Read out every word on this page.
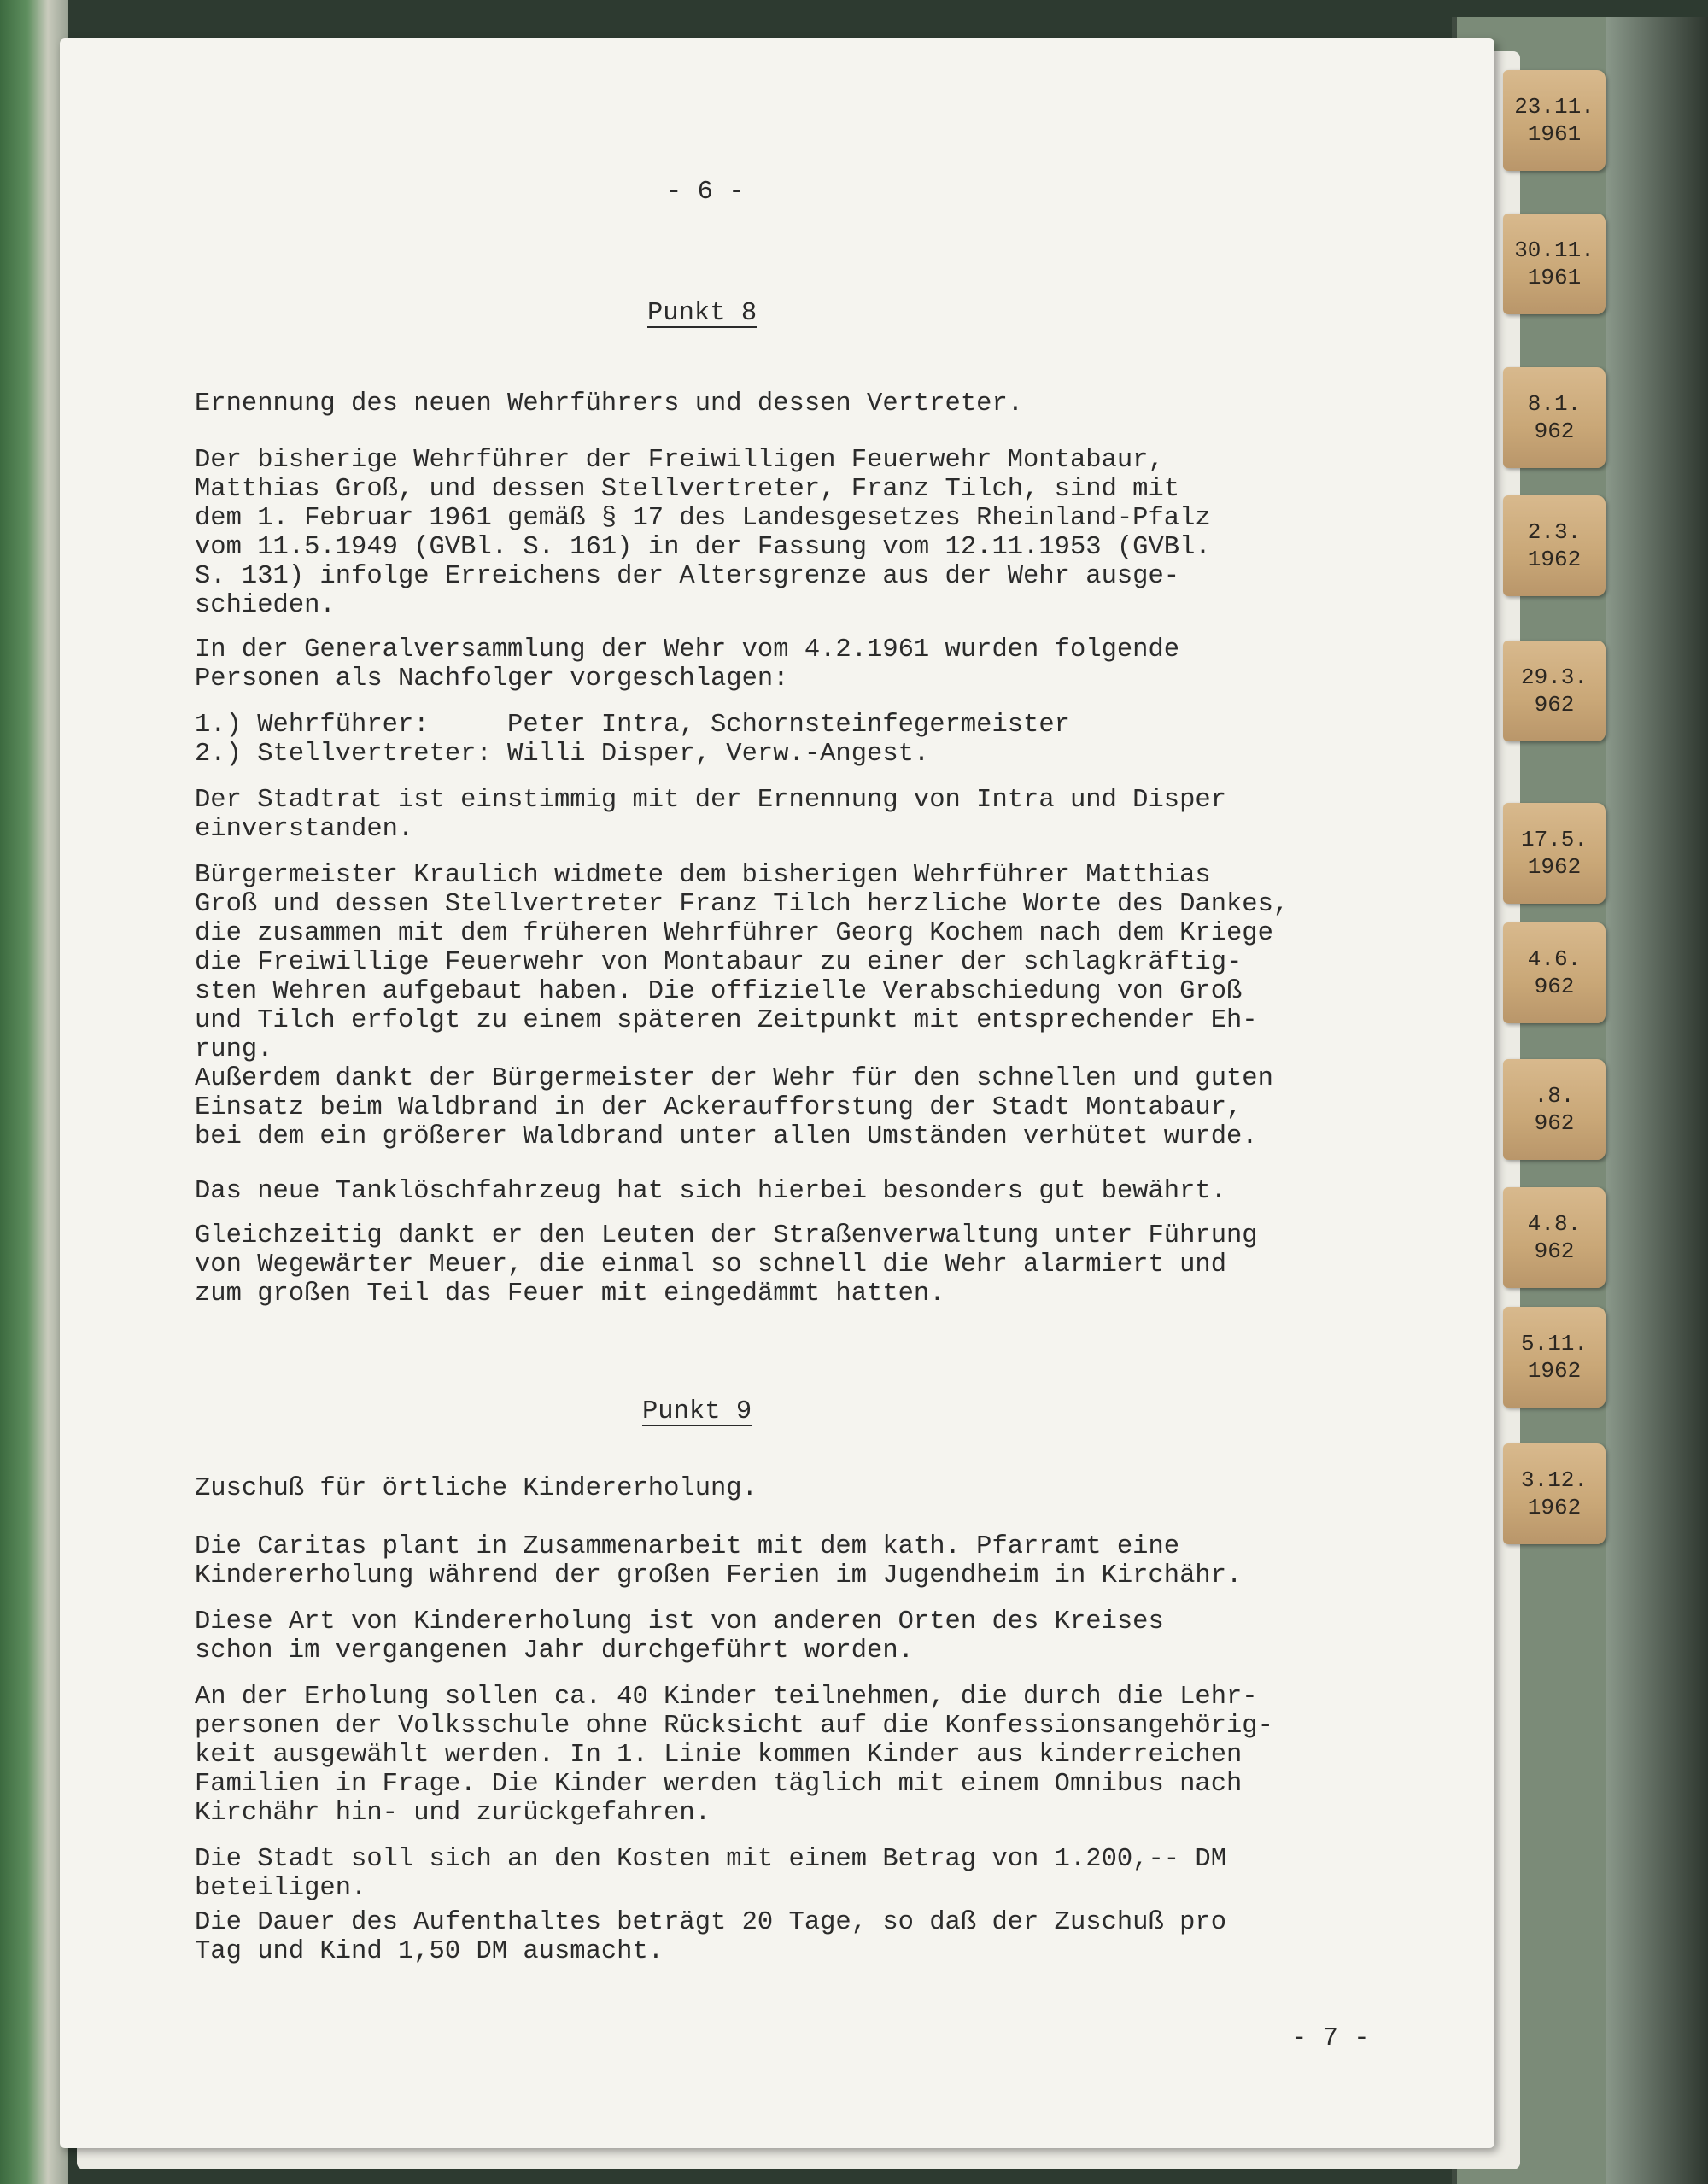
23.11.
1961
30.11.
1961
8.1.
962
2.3.
1962
29.3.
962
17.5.
1962
4.6.
962
.8.
962
4.8.
962
5.11.
1962
3.12.
1962
- 6 -
Punkt 8
Ernennung des neuen Wehrführers und dessen Vertreter.
Der bisherige Wehrführer der Freiwilligen Feuerwehr Montabaur,
Matthias Groß, und dessen Stellvertreter, Franz Tilch, sind mit
dem 1. Februar 1961 gemäß § 17 des Landesgesetzes Rheinland-Pfalz
vom 11.5.1949 (GVBl. S. 161) in der Fassung vom 12.11.1953 (GVBl.
S. 131) infolge Erreichens der Altersgrenze aus der Wehr ausge-
schieden.
In der Generalversammlung der Wehr vom 4.2.1961 wurden folgende
Personen als Nachfolger vorgeschlagen:
1.) Wehrführer:     Peter Intra, Schornsteinfegermeister
2.) Stellvertreter: Willi Disper, Verw.-Angest.
Der Stadtrat ist einstimmig mit der Ernennung von Intra und Disper
einverstanden.
Bürgermeister Kraulich widmete dem bisherigen Wehrführer Matthias
Groß und dessen Stellvertreter Franz Tilch herzliche Worte des Dankes,
die zusammen mit dem früheren Wehrführer Georg Kochem nach dem Kriege
die Freiwillige Feuerwehr von Montabaur zu einer der schlagkräftig-
sten Wehren aufgebaut haben. Die offizielle Verabschiedung von Groß
und Tilch erfolgt zu einem späteren Zeitpunkt mit entsprechender Eh-
rung.
Außerdem dankt der Bürgermeister der Wehr für den schnellen und guten
Einsatz beim Waldbrand in der Ackeraufforstung der Stadt Montabaur,
bei dem ein größerer Waldbrand unter allen Umständen verhütet wurde.
Das neue Tanklöschfahrzeug hat sich hierbei besonders gut bewährt.
Gleichzeitig dankt er den Leuten der Straßenverwaltung unter Führung
von Wegewärter Meuer, die einmal so schnell die Wehr alarmiert und
zum großen Teil das Feuer mit eingedämmt hatten.
Punkt 9
Zuschuß für örtliche Kindererholung.
Die Caritas plant in Zusammenarbeit mit dem kath. Pfarramt eine
Kindererholung während der großen Ferien im Jugendheim in Kirchähr.
Diese Art von Kindererholung ist von anderen Orten des Kreises
schon im vergangenen Jahr durchgeführt worden.
An der Erholung sollen ca. 40 Kinder teilnehmen, die durch die Lehr-
personen der Volksschule ohne Rücksicht auf die Konfessionsangehörig-
keit ausgewählt werden. In 1. Linie kommen Kinder aus kinderreichen
Familien in Frage. Die Kinder werden täglich mit einem Omnibus nach
Kirchähr hin- und zurückgefahren.
Die Stadt soll sich an den Kosten mit einem Betrag von 1.200,-- DM
beteiligen.
Die Dauer des Aufenthaltes beträgt 20 Tage, so daß der Zuschuß pro
Tag und Kind 1,50 DM ausmacht.
- 7 -
